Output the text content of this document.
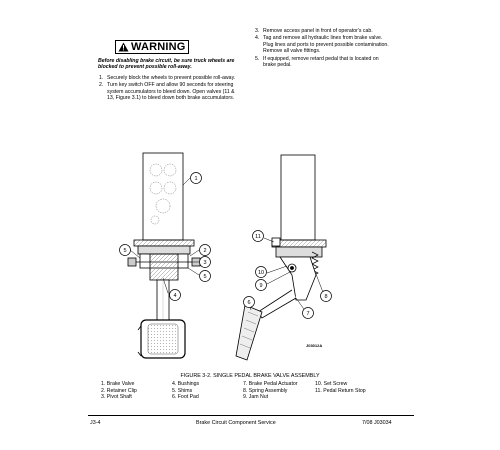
WARNING
Before disabling brake circuit, be sure truck wheels are blocked to prevent possible roll-away.
1. Securely block the wheels to prevent possible roll-away.
2. Turn key switch OFF and allow 90 seconds for steering system accumulators to bleed down. Open valves (11 & 13, Figure 3.1) to bleed down both brake accumulators.
3. Remove access panel in front of operator's cab.
4. Tag and remove all hydraulic lines from brake valve. Plug lines and ports to prevent possible contamination. Remove all valve fittings.
5. If equipped, remove retard pedal that is located on brake pedal.
1
5	2
3
5
4
11
10
9
8
7
6
J03012A
FIGURE 3-2. SINGLE PEDAL BRAKE VALVE ASSEMBLY
1. Brake Valve
2. Retainer Clip
3. Pivot Shaft
4. Bushings
5. Shims
6. Foot Pad
7. Brake Pedal Actuator
8. Spring Assembly
9. Jam Nut
10. Set Screw
11. Pedal Return Stop
J3-4	Brake Circuit Component Service	7/08 J03034
